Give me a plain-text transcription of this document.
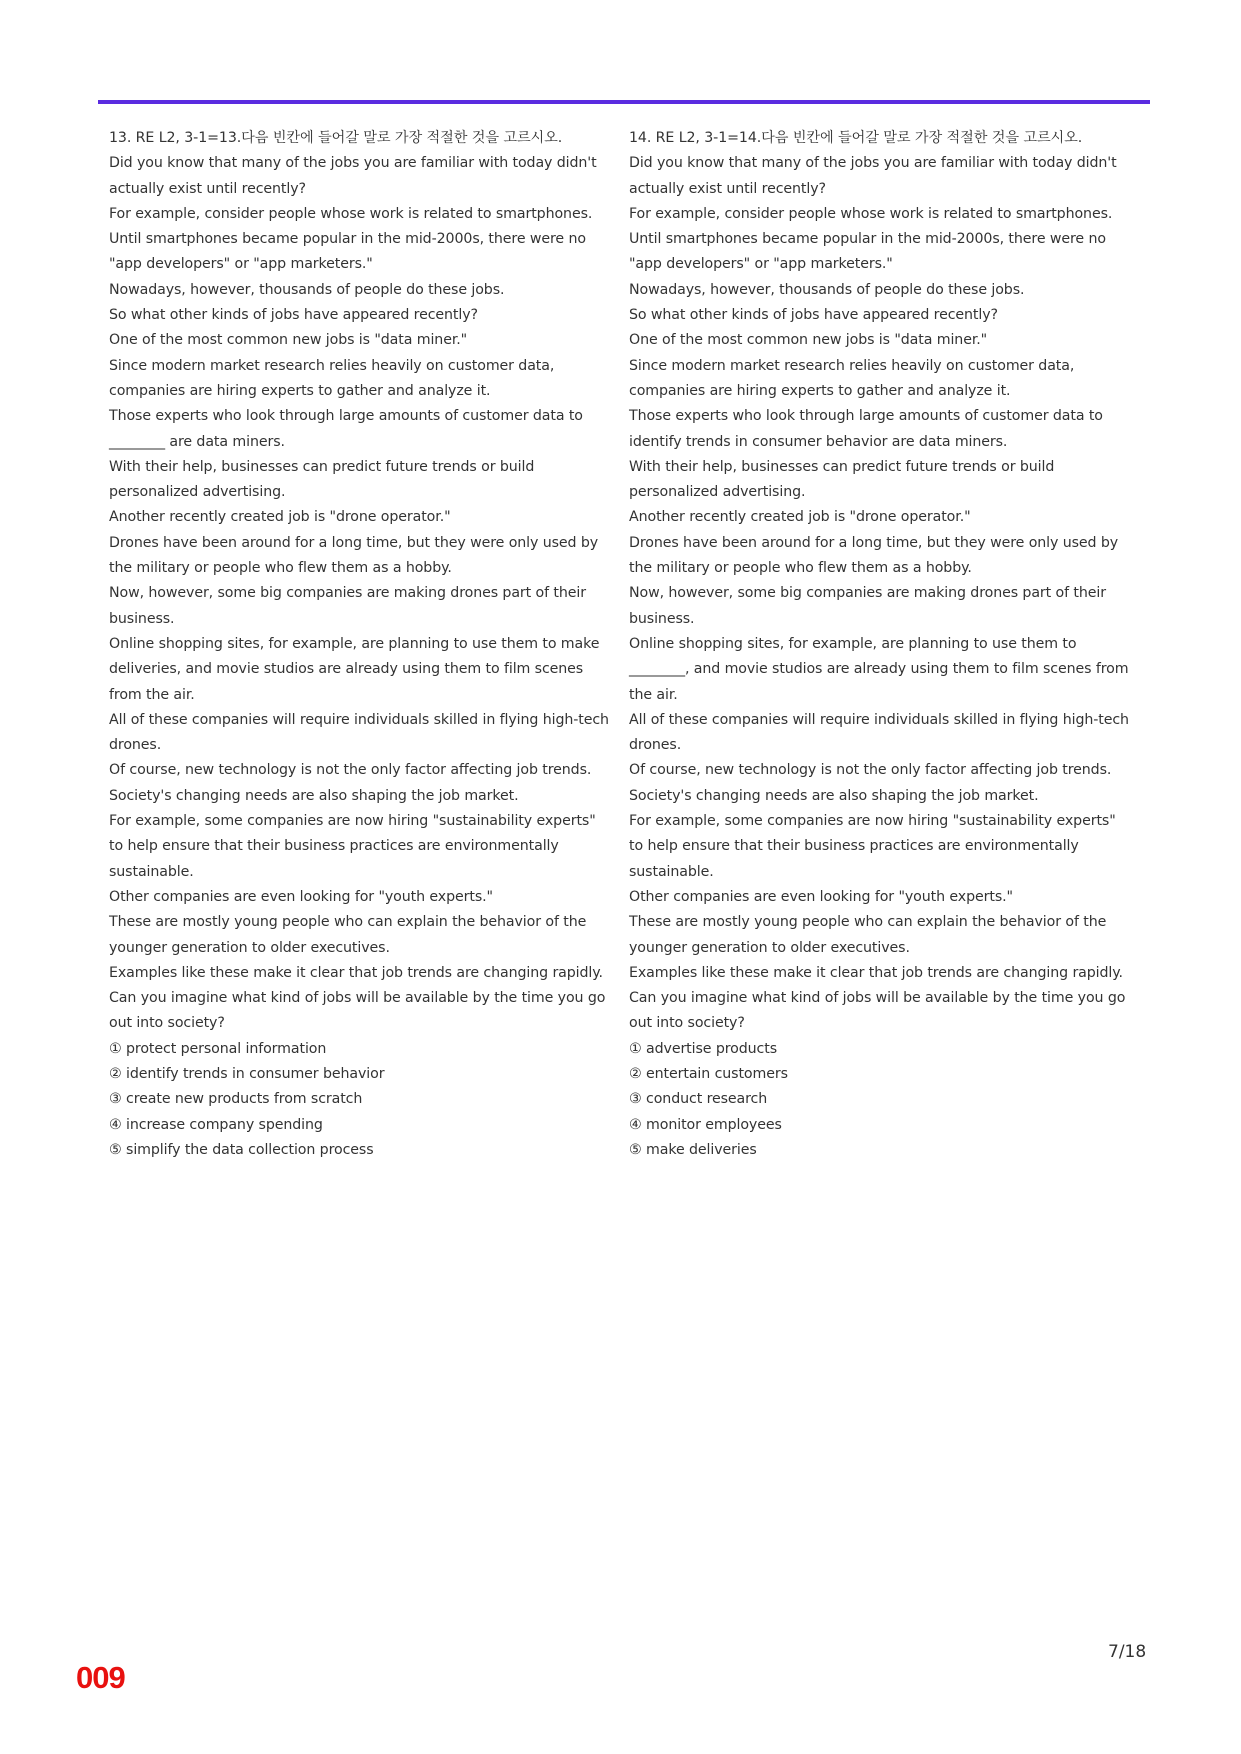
13. RE L2, 3-1=13.다음 빈칸에 들어갈 말로 가장 적절한 것을 고르시오.
Did you know that many of the jobs you are familiar with today didn't actually exist until recently?
For example, consider people whose work is related to smartphones.
Until smartphones became popular in the mid-2000s, there were no "app developers" or "app marketers."
Nowadays, however, thousands of people do these jobs.
So what other kinds of jobs have appeared recently?
One of the most common new jobs is "data miner."
Since modern market research relies heavily on customer data, companies are hiring experts to gather and analyze it.
Those experts who look through large amounts of customer data to ________ are data miners.
With their help, businesses can predict future trends or build personalized advertising.
Another recently created job is "drone operator."
Drones have been around for a long time, but they were only used by the military or people who flew them as a hobby.
Now, however, some big companies are making drones part of their business.
Online shopping sites, for example, are planning to use them to make deliveries, and movie studios are already using them to film scenes from the air.
All of these companies will require individuals skilled in flying high-tech drones.
Of course, new technology is not the only factor affecting job trends.
Society's changing needs are also shaping the job market.
For example, some companies are now hiring "sustainability experts" to help ensure that their business practices are environmentally sustainable.
Other companies are even looking for "youth experts."
These are mostly young people who can explain the behavior of the younger generation to older executives.
Examples like these make it clear that job trends are changing rapidly.
Can you imagine what kind of jobs will be available by the time you go out into society?
① protect personal information
② identify trends in consumer behavior
③ create new products from scratch
④ increase company spending
⑤ simplify the data collection process
14. RE L2, 3-1=14.다음 빈칸에 들어갈 말로 가장 적절한 것을 고르시오.
Did you know that many of the jobs you are familiar with today didn't actually exist until recently?
For example, consider people whose work is related to smartphones.
Until smartphones became popular in the mid-2000s, there were no "app developers" or "app marketers."
Nowadays, however, thousands of people do these jobs.
So what other kinds of jobs have appeared recently?
One of the most common new jobs is "data miner."
Since modern market research relies heavily on customer data, companies are hiring experts to gather and analyze it.
Those experts who look through large amounts of customer data to identify trends in consumer behavior are data miners.
With their help, businesses can predict future trends or build personalized advertising.
Another recently created job is "drone operator."
Drones have been around for a long time, but they were only used by the military or people who flew them as a hobby.
Now, however, some big companies are making drones part of their business.
Online shopping sites, for example, are planning to use them to ________, and movie studios are already using them to film scenes from the air.
All of these companies will require individuals skilled in flying high-tech drones.
Of course, new technology is not the only factor affecting job trends.
Society's changing needs are also shaping the job market.
For example, some companies are now hiring "sustainability experts" to help ensure that their business practices are environmentally sustainable.
Other companies are even looking for "youth experts."
These are mostly young people who can explain the behavior of the younger generation to older executives.
Examples like these make it clear that job trends are changing rapidly.
Can you imagine what kind of jobs will be available by the time you go out into society?
① advertise products
② entertain customers
③ conduct research
④ monitor employees
⑤ make deliveries
7/18
009
